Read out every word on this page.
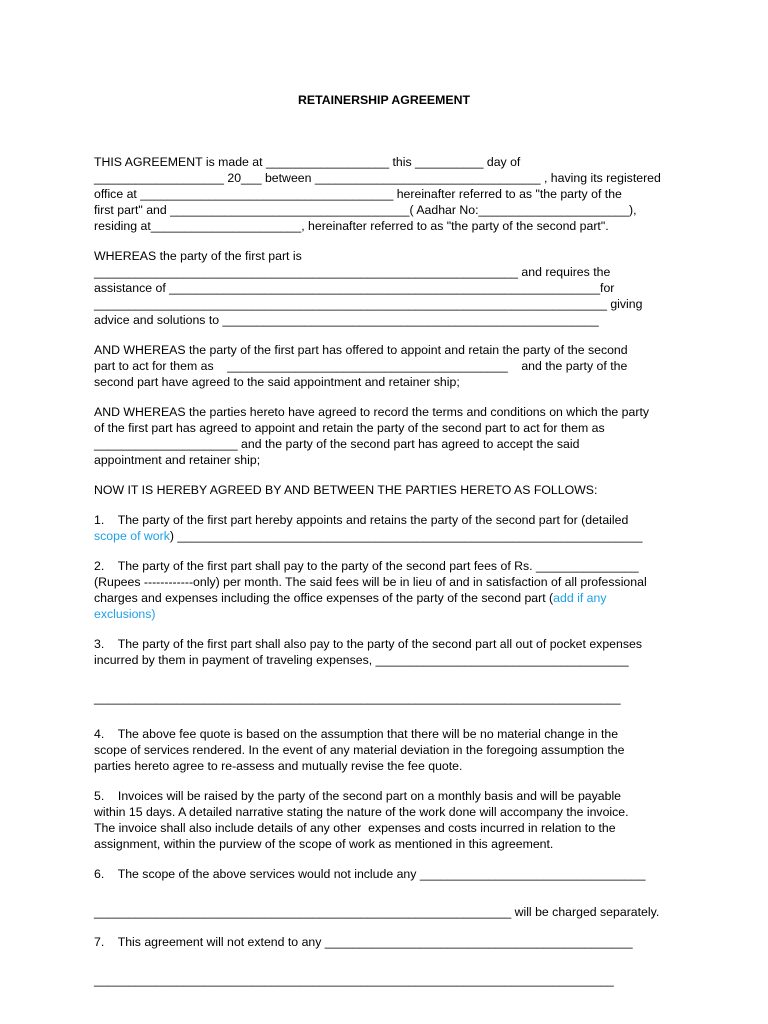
RETAINERSHIP AGREEMENT
THIS AGREEMENT is made at __________________ this __________ day of
___________________ 20___ between _________________________________ , having its registered
office at _____________________________________ hereinafter referred to as "the party of the
first part" and ___________________________________( Aadhar No:______________________),
residing at______________________, hereinafter referred to as "the party of the second part".
WHEREAS the party of the first part is
______________________________________________________________ and requires the
assistance of _______________________________________________________________for
___________________________________________________________________________ giving
advice and solutions to _______________________________________________________
AND WHEREAS the party of the first part has offered to appoint and retain the party of the second
part to act for them as    _________________________________________    and the party of the
second part have agreed to the said appointment and retainer ship;
AND WHEREAS the parties hereto have agreed to record the terms and conditions on which the party
of the first part has agreed to appoint and retain the party of the second part to act for them as
_____________________ and the party of the second part has agreed to accept the said
appointment and retainer ship;
NOW IT IS HEREBY AGREED BY AND BETWEEN THE PARTIES HERETO AS FOLLOWS:
1.    The party of the first part hereby appoints and retains the party of the second part for (detailed
scope of work) ____________________________________________________________________
2.    The party of the first part shall pay to the party of the second part fees of Rs. _______________
(Rupees ------------only) per month. The said fees will be in lieu of and in satisfaction of all professional
charges and expenses including the office expenses of the party of the second part (add if any
exclusions)
3.    The party of the first part shall also pay to the party of the second part all out of pocket expenses
incurred by them in payment of traveling expenses, _____________________________________
_____________________________________________________________________________
4.    The above fee quote is based on the assumption that there will be no material change in the
scope of services rendered. In the event of any material deviation in the foregoing assumption the
parties hereto agree to re-assess and mutually revise the fee quote.
5.    Invoices will be raised by the party of the second part on a monthly basis and will be payable
within 15 days. A detailed narrative stating the nature of the work done will accompany the invoice.
The invoice shall also include details of any other  expenses and costs incurred in relation to the
assignment, within the purview of the scope of work as mentioned in this agreement.
6.    The scope of the above services would not include any _________________________________
_____________________________________________________________ will be charged separately.
7.    This agreement will not extend to any _____________________________________________
____________________________________________________________________________
